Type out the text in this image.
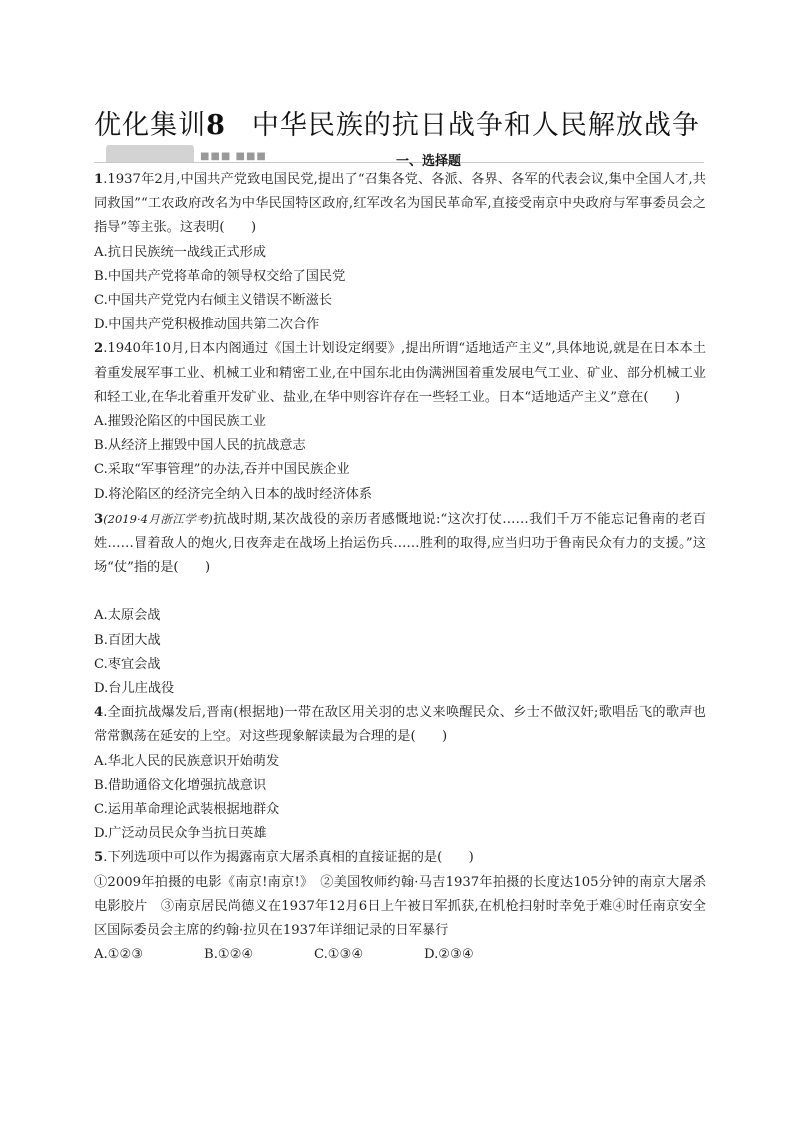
优化集训8 中华民族的抗日战争和人民解放战争
■■■ ■■■	一、选择题

1.1937年2月,中国共产党致电国民党,提出了“召集各党、各派、各界、各军的代表会议,集中全国人才,共同救国”“工农政府改名为中华民国特区政府,红军改名为国民革命军,直接受南京中央政府与军事委员会之指导”等主张。这表明(　　)

A.抗日民族统一战线正式形成

B.中国共产党将革命的领导权交给了国民党

C.中国共产党党内右倾主义错误不断滋长

D.中国共产党积极推动国共第二次合作

2.1940年10月,日本内阁通过《国土计划设定纲要》,提出所谓“适地适产主义”,具体地说,就是在日本本土着重发展军事工业、机械工业和精密工业,在中国东北由伪满洲国着重发展电气工业、矿业、部分机械工业和轻工业,在华北着重开发矿业、盐业,在华中则容许存在一些轻工业。日本“适地适产主义”意在(　　)

A.摧毁沦陷区的中国民族工业

B.从经济上摧毁中国人民的抗战意志

C.采取“军事管理”的办法,吞并中国民族企业

D.将沦陷区的经济完全纳入日本的战时经济体系

3(2019·4月浙江学考)抗战时期,某次战役的亲历者感慨地说:“这次打仗……我们千万不能忘记鲁南的老百姓……冒着敌人的炮火,日夜奔走在战场上抬运伤兵……胜利的取得,应当归功于鲁南民众有力的支援。”这场“仗”指的是(　　)

A.太原会战

B.百团大战

C.枣宜会战

D.台儿庄战役

4.全面抗战爆发后,晋南(根据地)一带在敌区用关羽的忠义来唤醒民众、乡士不做汉奸;歌唱岳飞的歌声也常常飘荡在延安的上空。对这些现象解读最为合理的是(　　)

A.华北人民的民族意识开始萌发

B.借助通俗文化增强抗战意识

C.运用革命理论武装根据地群众

D.广泛动员民众争当抗日英雄

5.下列选项中可以作为揭露南京大屠杀真相的直接证据的是(　　)

①2009年拍摄的电影《南京!南京!》　②美国牧师约翰·马吉1937年拍摄的长度达105分钟的南京大屠杀电影胶片　③南京居民尚德义在1937年12月6日上午被日军抓获,在机枪扫射时幸免于难④时任南京安全区国际委员会主席的约翰·拉贝在1937年详细记录的日军暴行

A.①②③	B.①②④	C.①③④	D.②③④
